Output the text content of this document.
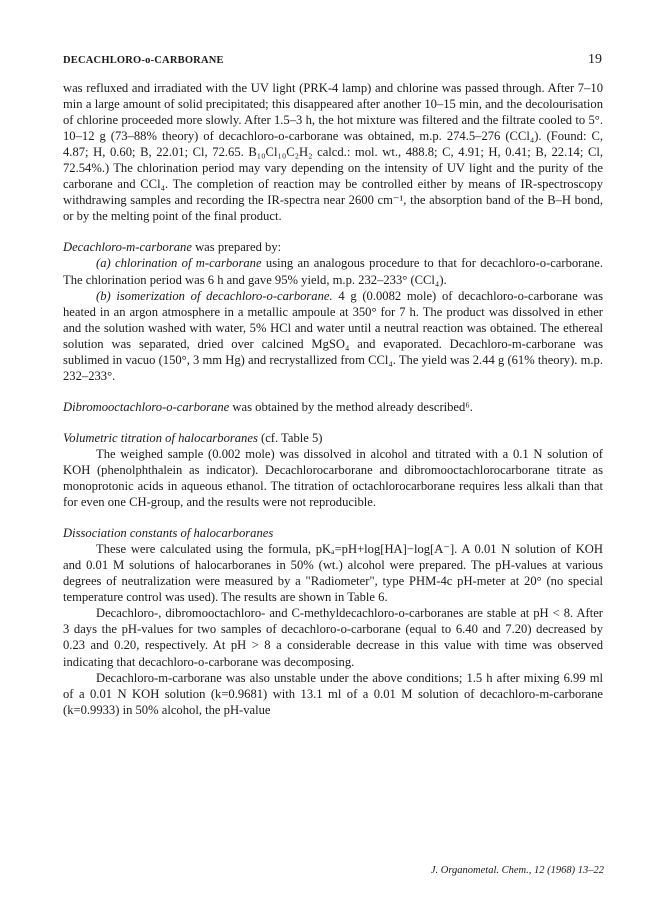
DECACHLORO-o-CARBORANE	19

was refluxed and irradiated with the UV light (PRK-4 lamp) and chlorine was passed through. After 7–10 min a large amount of solid precipitated; this disappeared after another 10–15 min, and the decolourisation of chlorine proceeded more slowly. After 1.5–3 h, the hot mixture was filtered and the filtrate cooled to 5°. 10–12 g (73–88% theory) of decachloro-o-carborane was obtained, m.p. 274.5–276 (CCl₄). (Found: C, 4.87; H, 0.60; B, 22.01; Cl, 72.65. B₁₀Cl₁₀C₂H₂ calcd.: mol. wt., 488.8; C, 4.91; H, 0.41; B, 22.14; Cl, 72.54%.) The chlorination period may vary depending on the intensity of UV light and the purity of the carborane and CCl₄. The completion of reaction may be controlled either by means of IR-spectroscopy withdrawing samples and recording the IR-spectra near 2600 cm⁻¹, the absorption band of the B–H bond, or by the melting point of the final product.

Decachloro-m-carborane was prepared by:

(a) chlorination of m-carborane using an analogous procedure to that for decachloro-o-carborane. The chlorination period was 6 h and gave 95% yield, m.p. 232–233° (CCl₄).

(b) isomerization of decachloro-o-carborane. 4 g (0.0082 mole) of decachloro-o-carborane was heated in an argon atmosphere in a metallic ampoule at 350° for 7 h. The product was dissolved in ether and the solution washed with water, 5% HCl and water until a neutral reaction was obtained. The ethereal solution was separated, dried over calcined MgSO₄ and evaporated. Decachloro-m-carborane was sublimed in vacuo (150°, 3 mm Hg) and recrystallized from CCl₄. The yield was 2.44 g (61% theory). m.p. 232–233°.

Dibromooctachloro-o-carborane was obtained by the method already described⁶.

Volumetric titration of halocarboranes (cf. Table 5)

The weighed sample (0.002 mole) was dissolved in alcohol and titrated with a 0.1 N solution of KOH (phenolphthalein as indicator). Decachlorocarborane and dibromooctachlorocarborane titrate as monoprotonic acids in aqueous ethanol. The titration of octachlorocarborane requires less alkali than that for even one CH-group, and the results were not reproducible.

Dissociation constants of halocarboranes

These were calculated using the formula, pKₐ=pH+log[HA]−log[A⁻]. A 0.01 N solution of KOH and 0.01 M solutions of halocarboranes in 50% (wt.) alcohol were prepared. The pH-values at various degrees of neutralization were measured by a "Radiometer", type PHM-4c pH-meter at 20° (no special temperature control was used). The results are shown in Table 6.

Decachloro-, dibromooctachloro- and C-methyldecachloro-o-carboranes are stable at pH < 8. After 3 days the pH-values for two samples of decachloro-o-carborane (equal to 6.40 and 7.20) decreased by 0.23 and 0.20, respectively. At pH > 8 a considerable decrease in this value with time was observed indicating that decachloro-o-carborane was decomposing.

Decachloro-m-carborane was also unstable under the above conditions; 1.5 h after mixing 6.99 ml of a 0.01 N KOH solution (k=0.9681) with 13.1 ml of a 0.01 M solution of decachloro-m-carborane (k=0.9933) in 50% alcohol, the pH-value

J. Organometal. Chem., 12 (1968) 13–22
